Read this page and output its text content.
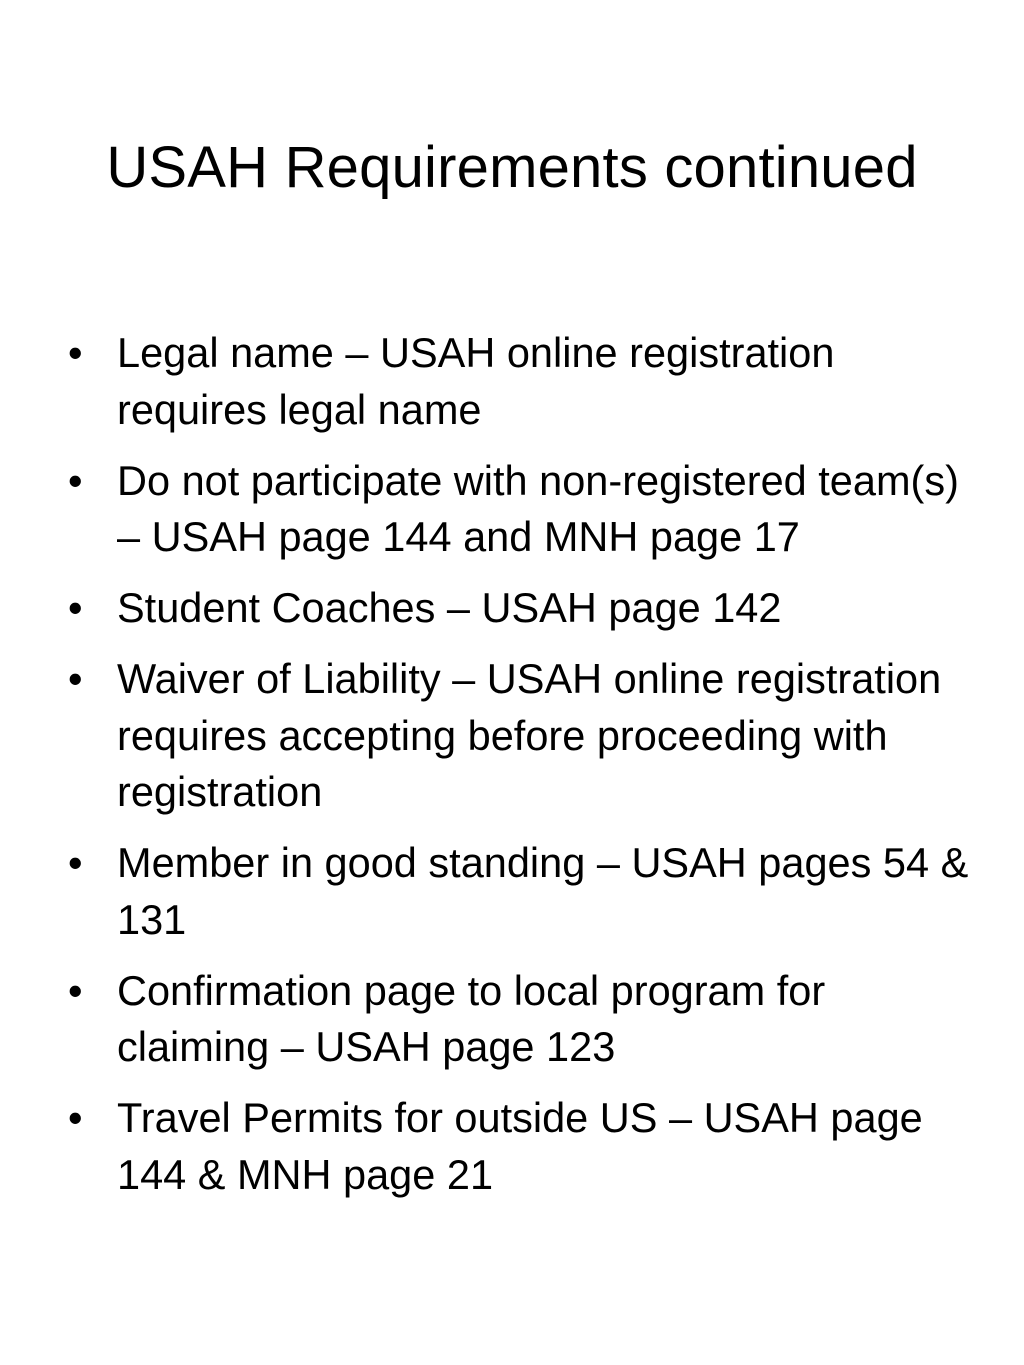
USAH Requirements continued
• Legal name – USAH online registration requires legal name
• Do not participate with non-registered team(s) – USAH page 144 and MNH page 17
• Student Coaches – USAH page 142
• Waiver of Liability – USAH online registration requires accepting before proceeding with registration
• Member in good standing – USAH pages 54 & 131
• Confirmation page to local program for claiming – USAH page 123
• Travel Permits for outside US – USAH page 144 & MNH page 21
